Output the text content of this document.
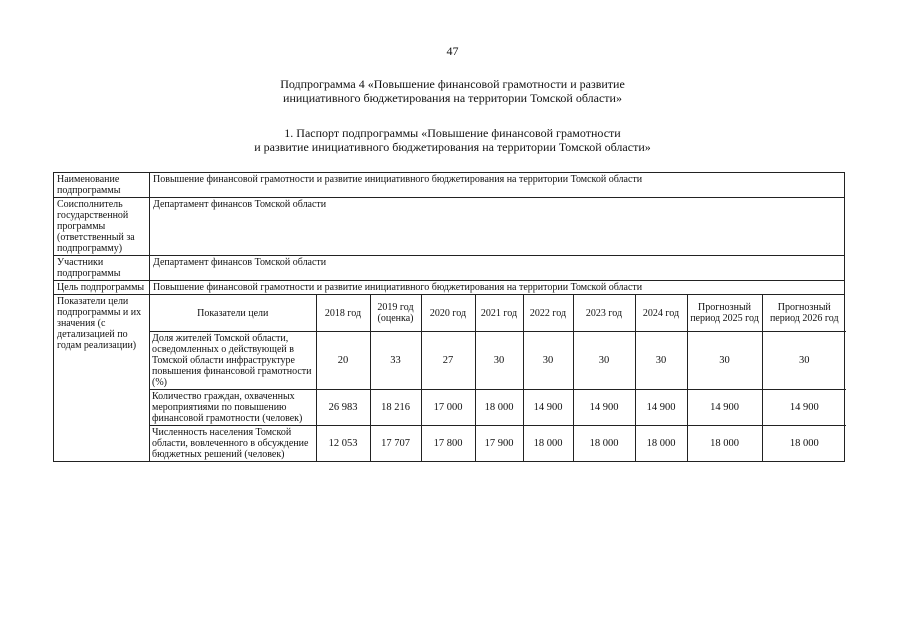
47
Подпрограмма 4 «Повышение финансовой грамотности и развитие
инициативного бюджетирования на территории Томской области»
1. Паспорт подпрограммы «Повышение финансовой грамотности
и развитие инициативного бюджетирования на территории Томской области»
Наименование подпрограммы	Повышение финансовой грамотности и развитие инициативного бюджетирования на территории Томской области
Соисполнитель государственной программы (ответственный за подпрограмму)	Департамент финансов Томской области
Участники подпрограммы	Департамент финансов Томской области
Цель подпрограммы	Повышение финансовой грамотности и развитие инициативного бюджетирования на территории Томской области
Показатели цели подпрограммы и их значения (с детализацией по годам реализации)	
Показатели цели	2018 год	2019 год (оценка)	2020 год	2021 год	2022 год	2023 год	2024 год	Прогнозный период 2025 год	Прогнозный период 2026 год
Доля жителей Томской области, осведомленных о действующей в Томской области инфраструктуре повышения финансовой грамотности (%)	20	33	27	30	30	30	30	30	30
Количество граждан, охваченных мероприятиями по повышению финансовой грамотности (человек)	26 983	18 216	17 000	18 000	14 900	14 900	14 900	14 900	14 900
Численность населения Томской области, вовлеченного в обсуждение бюджетных решений (человек)	12 053	17 707	17 800	17 900	18 000	18 000	18 000	18 000	18 000
